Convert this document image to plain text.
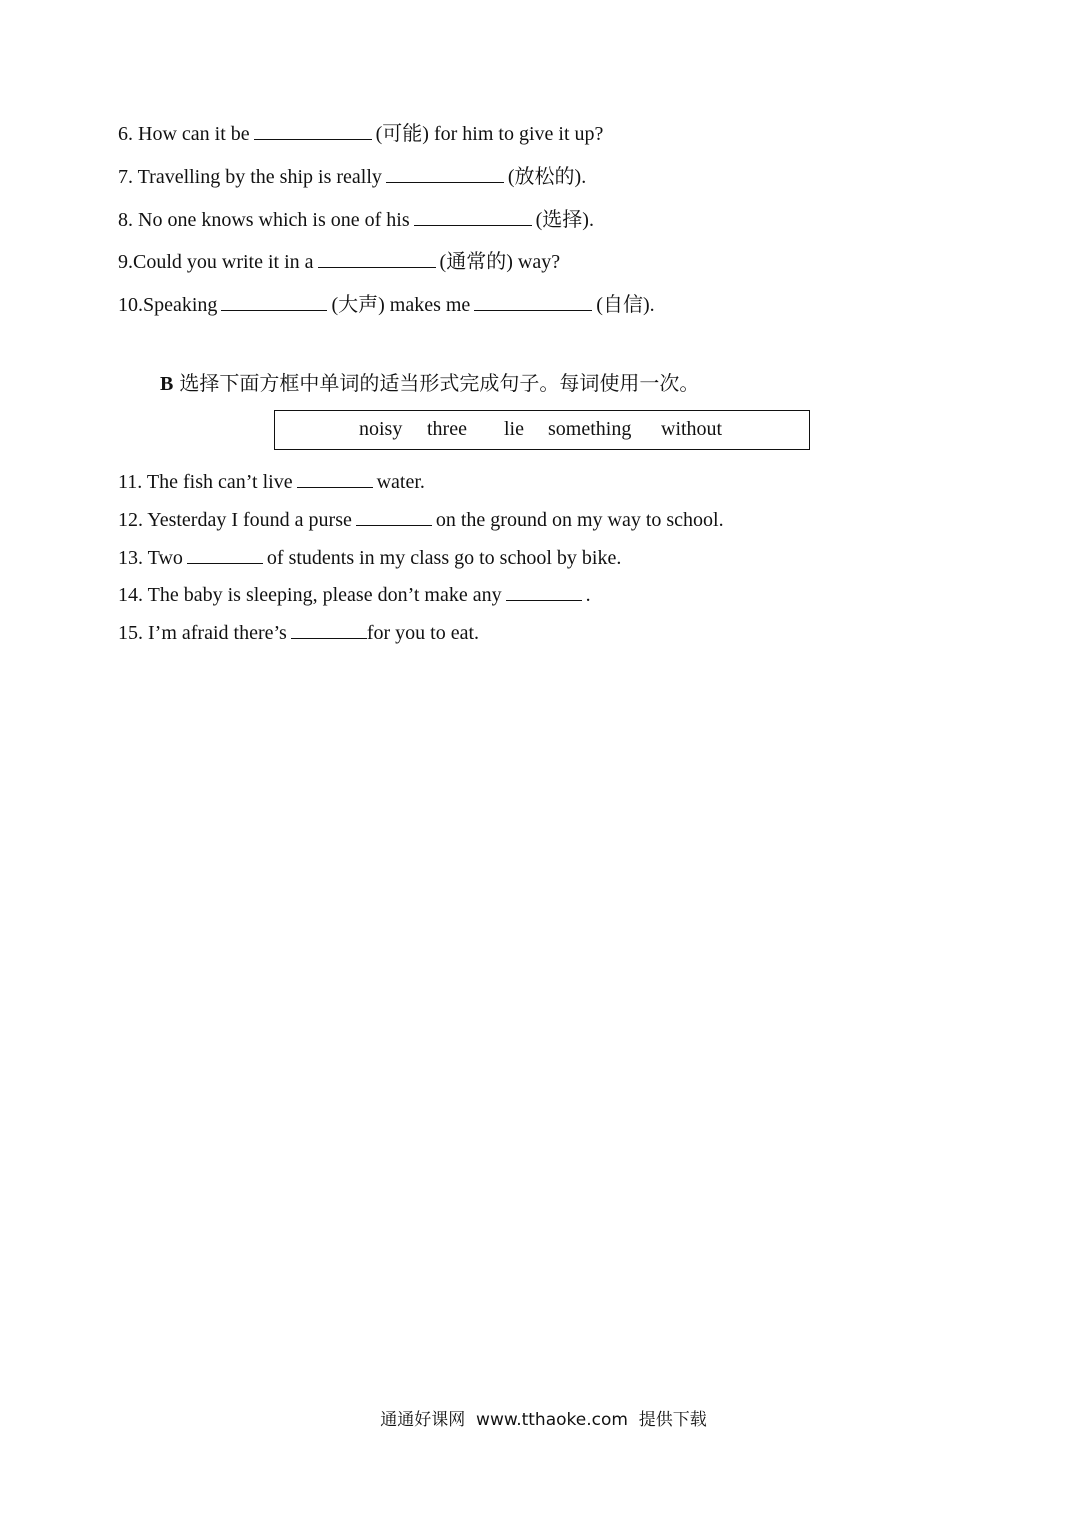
6. How can it be	(可能) for him to give it up?
7. Travelling by the ship is really	(放松的).
8. No one knows which is one of his	(选择).
9.Could you write it in a	(通常的) way?
10.Speaking	(大声) makes me	(自信).
B 选择下面方框中单词的适当形式完成句子。每词使用一次。
noisy three lie something without
11. The fish can’t live	water.
12. Yesterday I found a purse	on the ground on my way to school.
13. Two	of students in my class go to school by bike.
14. The baby is sleeping, please don’t make any	.
15. I’m afraid there’s	for you to eat.
通通好课网 www.tthaoke.com 提供下载
